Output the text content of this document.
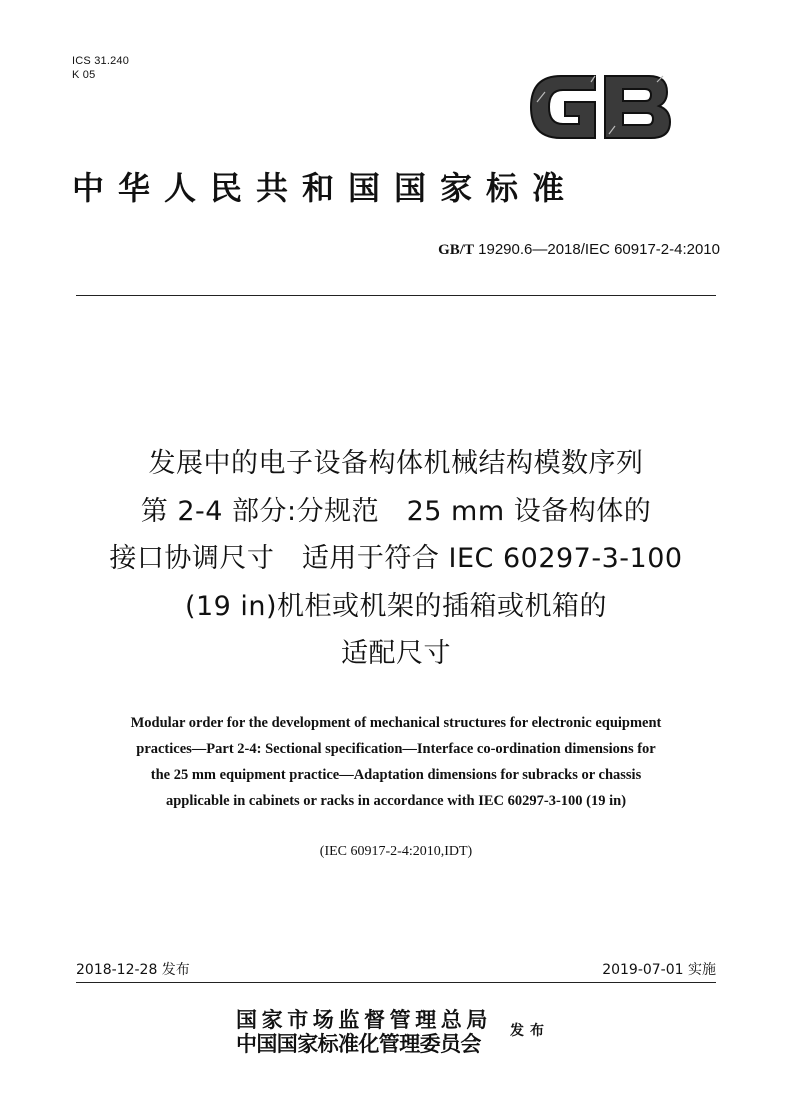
ICS 31.240
K 05
中华人民共和国国家标准
GB/T 19290.6—2018/IEC 60917-2-4:2010
发展中的电子设备构体机械结构模数序列
第 2-4 部分:分规范　25 mm 设备构体的
接口协调尺寸　适用于符合 IEC 60297-3-100
(19 in)机柜或机架的插箱或机箱的
适配尺寸
Modular order for the development of mechanical structures for electronic equipment
practices—Part 2-4: Sectional specification—Interface co-ordination dimensions for
the 25 mm equipment practice—Adaptation dimensions for subracks or chassis
applicable in cabinets or racks in accordance with IEC 60297-3-100 (19 in)
(IEC 60917-2-4:2010,IDT)
2018-12-28 发布	2019-07-01 实施
国家市场监督管理总局
中国国家标准化管理委员会	发布
